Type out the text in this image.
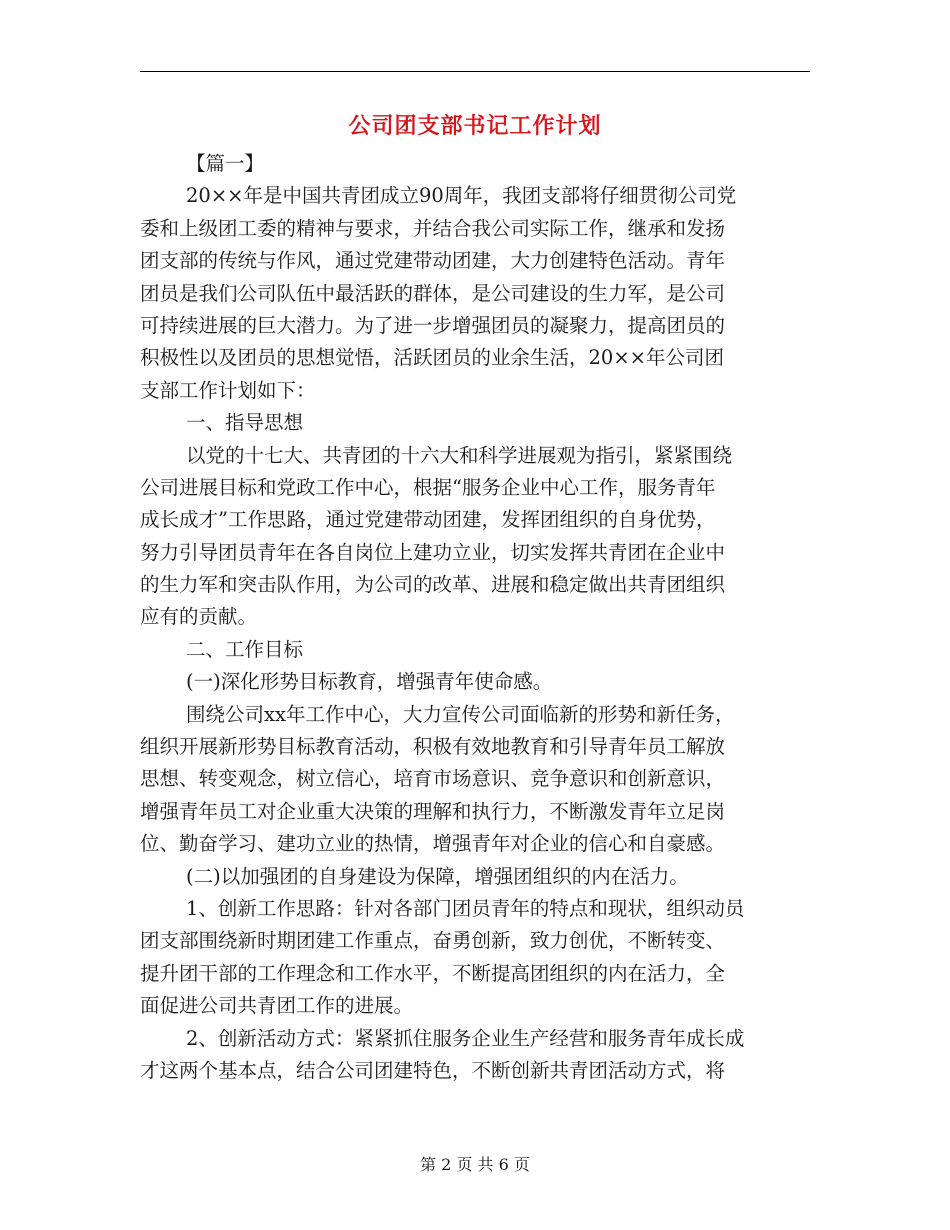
公司团支部书记工作计划
【篇一】
20××年是中国共青团成立90周年，我团支部将仔细贯彻公司党
委和上级团工委的精神与要求，并结合我公司实际工作，继承和发扬
团支部的传统与作风，通过党建带动团建，大力创建特色活动。青年
团员是我们公司队伍中最活跃的群体，是公司建设的生力军，是公司
可持续进展的巨大潜力。为了进一步增强团员的凝聚力，提高团员的
积极性以及团员的思想觉悟，活跃团员的业余生活，20××年公司团
支部工作计划如下：
一、指导思想
以党的十七大、共青团的十六大和科学进展观为指引，紧紧围绕
公司进展目标和党政工作中心，根据“服务企业中心工作，服务青年
成长成才”工作思路，通过党建带动团建，发挥团组织的自身优势，
努力引导团员青年在各自岗位上建功立业，切实发挥共青团在企业中
的生力军和突击队作用，为公司的改革、进展和稳定做出共青团组织
应有的贡献。
二、工作目标
(一)深化形势目标教育，增强青年使命感。
围绕公司xx年工作中心，大力宣传公司面临新的形势和新任务，
组织开展新形势目标教育活动，积极有效地教育和引导青年员工解放
思想、转变观念，树立信心，培育市场意识、竞争意识和创新意识，
增强青年员工对企业重大决策的理解和执行力，不断激发青年立足岗
位、勤奋学习、建功立业的热情，增强青年对企业的信心和自豪感。
(二)以加强团的自身建设为保障，增强团组织的内在活力。
1、创新工作思路：针对各部门团员青年的特点和现状，组织动员
团支部围绕新时期团建工作重点，奋勇创新，致力创优，不断转变、
提升团干部的工作理念和工作水平，不断提高团组织的内在活力，全
面促进公司共青团工作的进展。
2、创新活动方式：紧紧抓住服务企业生产经营和服务青年成长成
才这两个基本点，结合公司团建特色，不断创新共青团活动方式，将
第 2 页 共 6 页
